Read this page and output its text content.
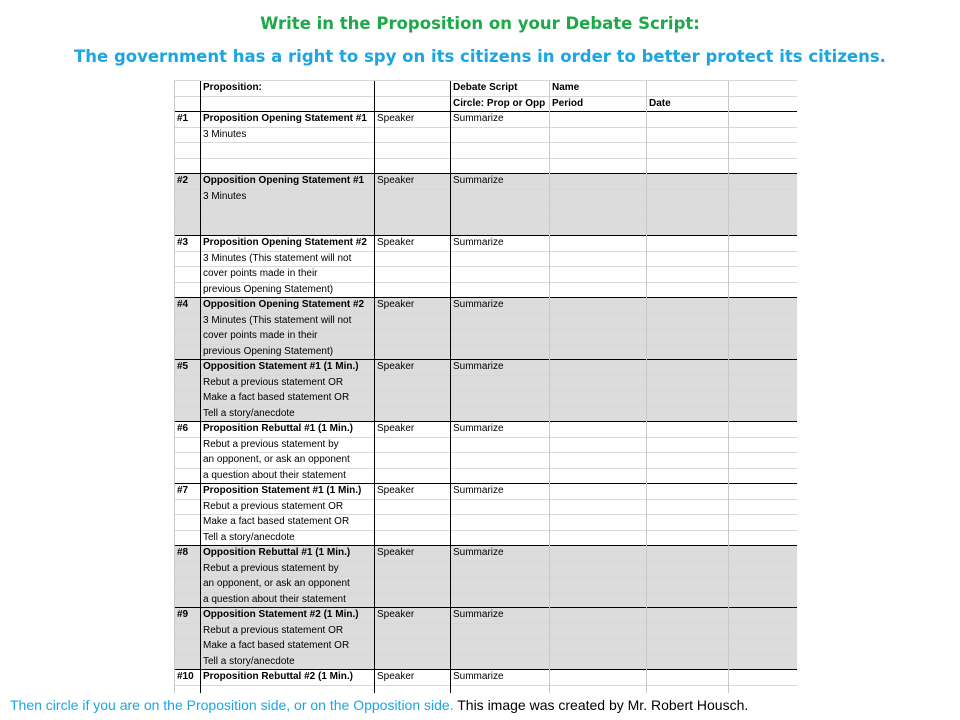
Write in the Proposition on your Debate Script:
The government has a right to spy on its citizens in order to better protect its citizens.
	Proposition:		Debate Script	Name		
			Circle: Prop or Opp	Period	Date	
#1	Proposition Opening Statement #1	Speaker	Summarize			
	3 Minutes					

#2	Opposition Opening Statement #1	Speaker	Summarize			
	3 Minutes					

#3	Proposition Opening Statement #2	Speaker	Summarize			
	3 Minutes (This statement will not					
	cover points made in their					
	previous Opening Statement)					
#4	Opposition Opening Statement #2	Speaker	Summarize			
	3 Minutes (This statement will not					
	cover points made in their					
	previous Opening Statement)					
#5	Opposition Statement #1 (1 Min.)	Speaker	Summarize			
	Rebut a previous statement OR					
	Make a fact based statement OR					
	Tell a story/anecdote					
#6	Proposition Rebuttal #1 (1 Min.)	Speaker	Summarize			
	Rebut a previous statement by					
	an opponent, or ask an opponent					
	a question about their statement					
#7	Proposition Statement #1 (1 Min.)	Speaker	Summarize			
	Rebut a previous statement OR					
	Make a fact based statement OR					
	Tell a story/anecdote					
#8	Opposition Rebuttal #1 (1 Min.)	Speaker	Summarize			
	Rebut a previous statement by					
	an opponent, or ask an opponent					
	a question about their statement					
#9	Opposition Statement #2 (1 Min.)	Speaker	Summarize			
	Rebut a previous statement OR					
	Make a fact based statement OR					
	Tell a story/anecdote					
#10	Proposition Rebuttal #2 (1 Min.)	Speaker	Summarize			

Then circle if you are on the Proposition side, or on the Opposition side. This image was created by Mr. Robert Housch.
